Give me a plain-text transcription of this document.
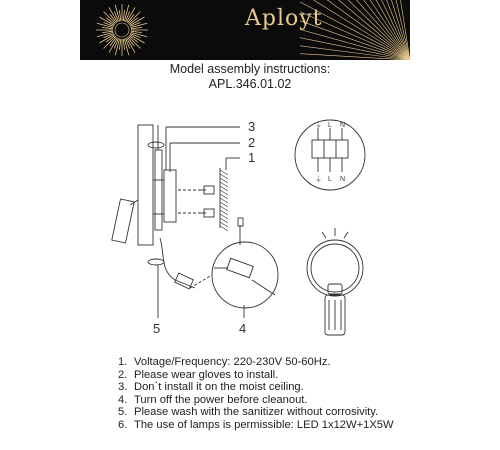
Aployt
Model assembly instructions:
APL.346.01.02
3
2
1
5	4
⏚ L N
⏚ L N
1. Voltage/Frequency: 220-230V 50-60Hz.
2. Please wear gloves to install.
3. Don`t install it on the moist ceiling.
4. Turn off the power before cleanout.
5. Please wash with the sanitizer without corrosivity.
6. The use of lamps is permissible: LED 1x12W+1X5W
